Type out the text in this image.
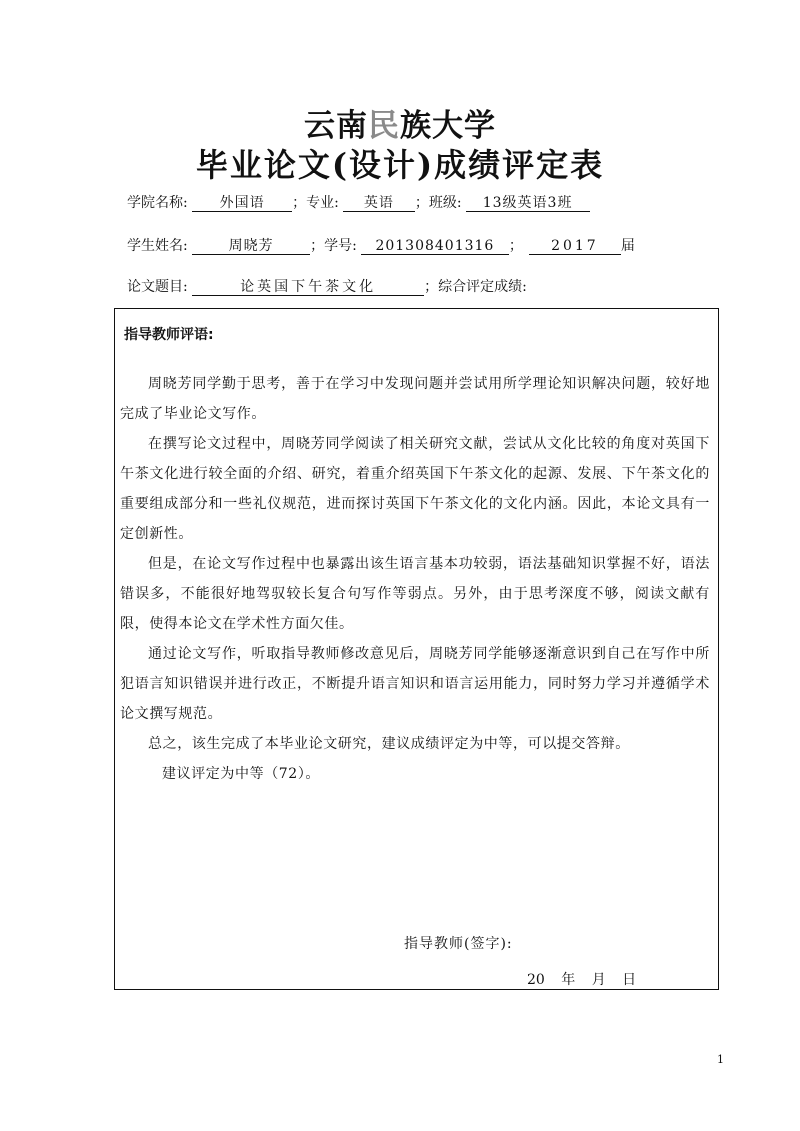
云南民族大学
毕业论文(设计)成绩评定表
学院名称: 外国语 ；专业: 英语 ；班级: 13级英语3班
学生姓名:	周晓芳	；学号: 201308401316 ； 2017 届
论文题目:	论英国下午茶文化	；综合评定成绩:
指导教师评语:

周晓芳同学勤于思考，善于在学习中发现问题并尝试用所学理论知识解决问题，较好地完成了毕业论文写作。

在撰写论文过程中，周晓芳同学阅读了相关研究文献，尝试从文化比较的角度对英国下午茶文化进行较全面的介绍、研究，着重介绍英国下午茶文化的起源、发展、下午茶文化的重要组成部分和一些礼仪规范，进而探讨英国下午茶文化的文化内涵。因此，本论文具有一定创新性。

但是，在论文写作过程中也暴露出该生语言基本功较弱，语法基础知识掌握不好，语法错误多，不能很好地驾驭较长复合句写作等弱点。另外，由于思考深度不够，阅读文献有限，使得本论文在学术性方面欠佳。

通过论文写作，听取指导教师修改意见后，周晓芳同学能够逐渐意识到自己在写作中所犯语言知识错误并进行改正，不断提升语言知识和语言运用能力，同时努力学习并遵循学术论文撰写规范。

总之，该生完成了本毕业论文研究，建议成绩评定为中等，可以提交答辩。

建议评定为中等（72）。

指导教师(签字):
20 年 月 日
1
